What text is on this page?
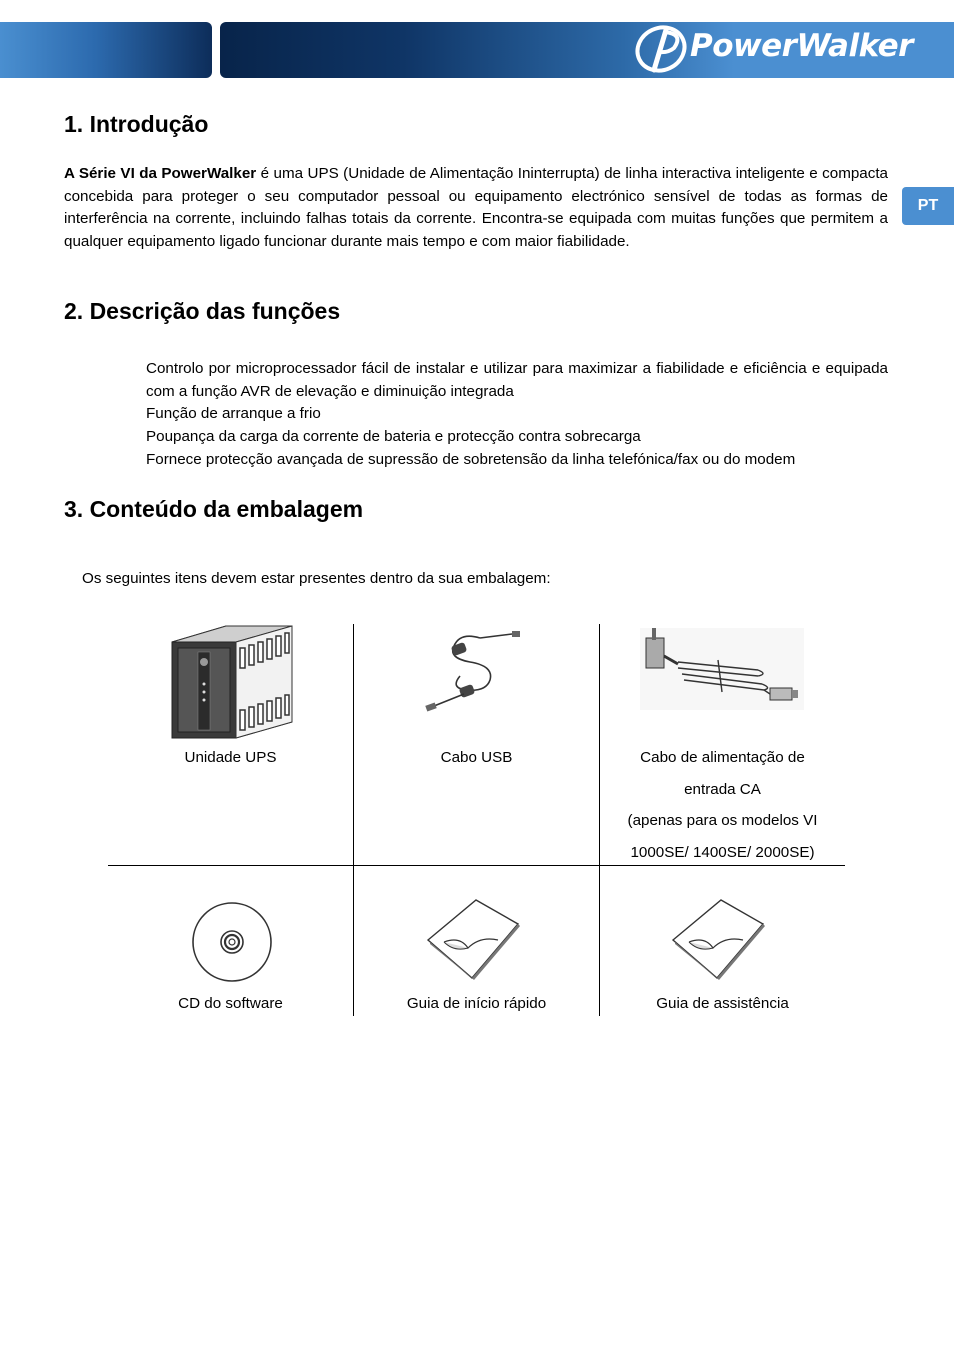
PowerWalker
PT
1. Introdução

A Série VI da PowerWalker é uma UPS (Unidade de Alimentação Ininterrupta) de linha interactiva inteligente e compacta concebida para proteger o seu computador pessoal ou equipamento electrónico sensível de todas as formas de interferência na corrente, incluindo falhas totais da corrente. Encontra-se equipada com muitas funções que permitem a qualquer equipamento ligado funcionar durante mais tempo e com maior fiabilidade.

2. Descrição das funções
Controlo por microprocessador fácil de instalar e utilizar para maximizar a fiabilidade e eficiência e equipada com a função AVR de elevação e diminuição integrada
Função de arranque a frio
Poupança da carga da corrente de bateria e protecção contra sobrecarga
Fornece protecção avançada de supressão de sobretensão da linha telefónica/fax ou do modem
3. Conteúdo da embalagem

Os seguintes itens devem estar presentes dentro da sua embalagem:

Unidade UPS	Cabo USB	Cabo de alimentação de
entrada CA
(apenas para os modelos VI
1000SE/ 1400SE/ 2000SE)
CD do software	Guia de início rápido	Guia de assistência
